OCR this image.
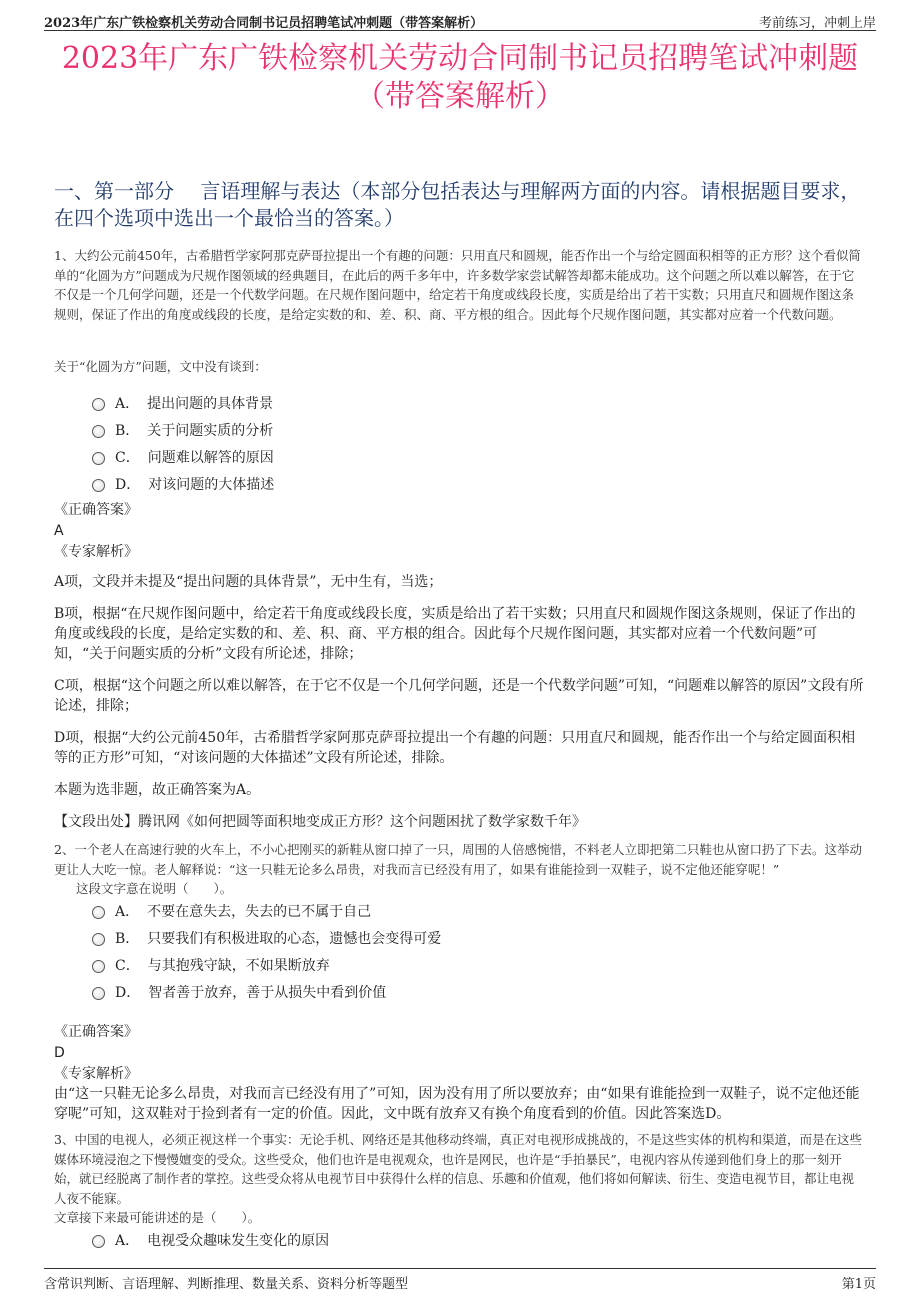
2023年广东广铁检察机关劳动合同制书记员招聘笔试冲刺题（带答案解析）	考前练习，冲刺上岸
2023年广东广铁检察机关劳动合同制书记员招聘笔试冲刺题
（带答案解析）
一、第一部分　 言语理解与表达（本部分包括表达与理解两方面的内容。请根据题目要求，在四个选项中选出一个最恰当的答案。）

1、大约公元前450年，古希腊哲学家阿那克萨哥拉提出一个有趣的问题：只用直尺和圆规，能否作出一个与给定圆面积相等的正方形？这个看似简单的“化圆为方”问题成为尺规作图领域的经典题目，在此后的两千多年中，许多数学家尝试解答却都未能成功。这个问题之所以难以解答，在于它不仅是一个几何学问题，还是一个代数学问题。在尺规作图问题中，给定若干角度或线段长度，实质是给出了若干实数；只用直尺和圆规作图这条规则，保证了作出的角度或线段的长度，是给定实数的和、差、积、商、平方根的组合。因此每个尺规作图问题，其实都对应着一个代数问题。

关于“化圆为方”问题，文中没有谈到：

A． 提出问题的具体背景
B． 关于问题实质的分析
C． 问题难以解答的原因
D． 对该问题的大体描述

《正确答案》

A

《专家解析》

A项，文段并未提及“提出问题的具体背景”，无中生有，当选；

B项，根据“在尺规作图问题中，给定若干角度或线段长度，实质是给出了若干实数；只用直尺和圆规作图这条规则，保证了作出的角度或线段的长度，是给定实数的和、差、积、商、平方根的组合。因此每个尺规作图问题，其实都对应着一个代数问题”可知，“关于问题实质的分析”文段有所论述，排除；

C项，根据“这个问题之所以难以解答，在于它不仅是一个几何学问题，还是一个代数学问题”可知，“问题难以解答的原因”文段有所论述，排除；

D项，根据“大约公元前450年，古希腊哲学家阿那克萨哥拉提出一个有趣的问题：只用直尺和圆规，能否作出一个与给定圆面积相等的正方形”可知，“对该问题的大体描述”文段有所论述，排除。

本题为选非题，故正确答案为A。

【文段出处】腾讯网《如何把圆等面积地变成正方形？这个问题困扰了数学家数千年》

2、一个老人在高速行驶的火车上，不小心把刚买的新鞋从窗口掉了一只，周围的人倍感惋惜，不料老人立即把第二只鞋也从窗口扔了下去。这举动更让人大吃一惊。老人解释说：“这一只鞋无论多么昂贵，对我而言已经没有用了，如果有谁能捡到一双鞋子，说不定他还能穿呢！”

这段文字意在说明（　　）。

A． 不要在意失去，失去的已不属于自己
B． 只要我们有积极进取的心态，遗憾也会变得可爱
C． 与其抱残守缺，不如果断放弃
D． 智者善于放弃，善于从损失中看到价值

《正确答案》

D

《专家解析》

由“这一只鞋无论多么昂贵，对我而言已经没有用了”可知，因为没有用了所以要放弃；由“如果有谁能捡到一双鞋子，说不定他还能穿呢”可知，这双鞋对于捡到者有一定的价值。因此，文中既有放弃又有换个角度看到的价值。因此答案选D。

3、中国的电视人，必须正视这样一个事实：无论手机、网络还是其他移动终端，真正对电视形成挑战的，不是这些实体的机构和渠道，而是在这些媒体环境浸泡之下慢慢嬗变的受众。这些受众，他们也许是电视观众，也许是网民，也许是“手拍暴民”，电视内容从传递到他们身上的那一刻开始，就已经脱离了制作者的掌控。这些受众将从电视节目中获得什么样的信息、乐趣和价值观，他们将如何解读、衍生、变造电视节目，都让电视人夜不能寐。

文章接下来最可能讲述的是（　　）。

A． 电视受众趣味发生变化的原因
含常识判断、言语理解、判断推理、数量关系、资料分析等题型	第1页
